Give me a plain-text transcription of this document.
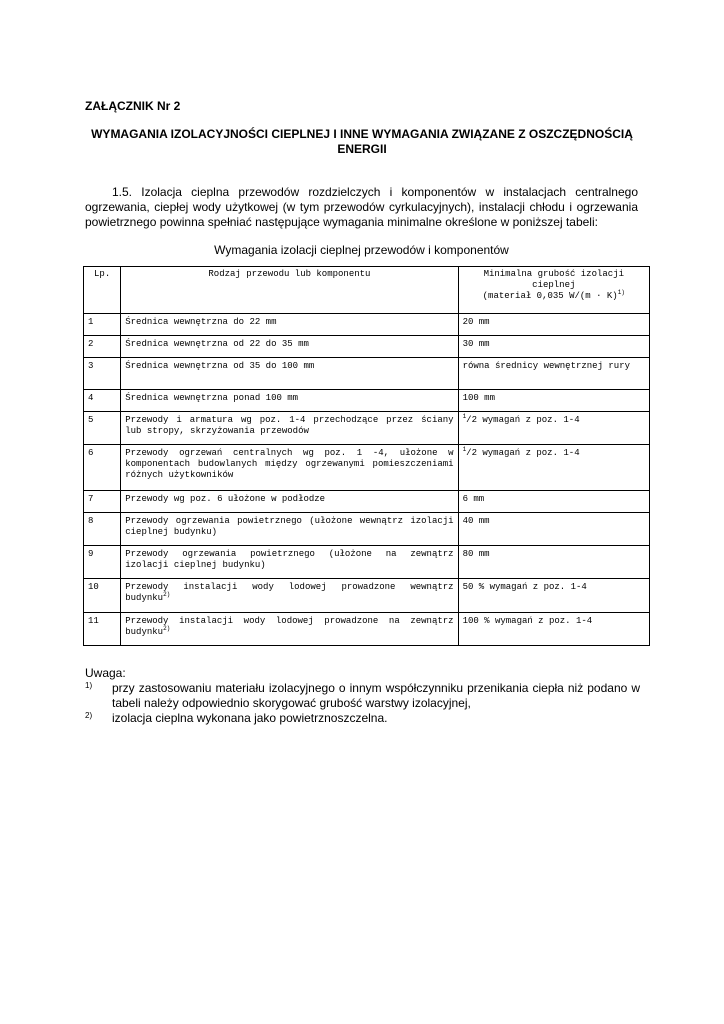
ZAŁĄCZNIK Nr 2
WYMAGANIA IZOLACYJNOŚCI CIEPLNEJ I INNE WYMAGANIA ZWIĄZANE Z OSZCZĘDNOŚCIĄ ENERGII
1.5. Izolacja cieplna przewodów rozdzielczych i komponentów w instalacjach centralnego ogrzewania, ciepłej wody użytkowej (w tym przewodów cyrkulacyjnych), instalacji chłodu i ogrzewania powietrznego powinna spełniać następujące wymagania minimalne określone w poniższej tabeli:
Wymagania izolacji cieplnej przewodów i komponentów
Lp.	Rodzaj przewodu lub komponentu	Minimalna grubość izolacji cieplnej
(materiał 0,035 $W/(m \cdot K)^{1)}$

1	Średnica wewnętrzna do 22 mm	20 mm
2	Średnica wewnętrzna od 22 do 35 mm	30 mm
3	Średnica wewnętrzna od 35 do 100 mm	równa średnicy wewnętrznej rury
4	Średnica wewnętrzna ponad 100 mm	100 mm
5	Przewody i armatura wg poz. 1-4 przechodzące przez ściany lub stropy, skrzyżowania przewodów	$^1$/2 wymagań z poz. 1-4
6	Przewody ogrzewań centralnych wg poz. 1 -4, ułożone w komponentach budowlanych między ogrzewanymi pomieszczeniami różnych użytkowników	$^1$/2 wymagań z poz. 1-4
7	Przewody wg poz. 6 ułożone w podłodze	6 mm
8	Przewody ogrzewania powietrznego (ułożone wewnątrz izolacji cieplnej budynku)	40 mm
9	Przewody ogrzewania powietrznego (ułożone na zewnątrz izolacji cieplnej budynku)	80 mm
10	Przewody instalacji wody lodowej prowadzone wewnątrz budynku$^{2)}$	50 % wymagań z poz. 1-4
11	Przewody instalacji wody lodowej prowadzone na zewnątrz budynku$^{2)}$	100 % wymagań z poz. 1-4
Uwaga:
1) przy zastosowaniu materiału izolacyjnego o innym współczynniku przenikania ciepła niż podano w tabeli należy odpowiednio skorygować grubość warstwy izolacyjnej,
2) izolacja cieplna wykonana jako powietrznoszczelna.
